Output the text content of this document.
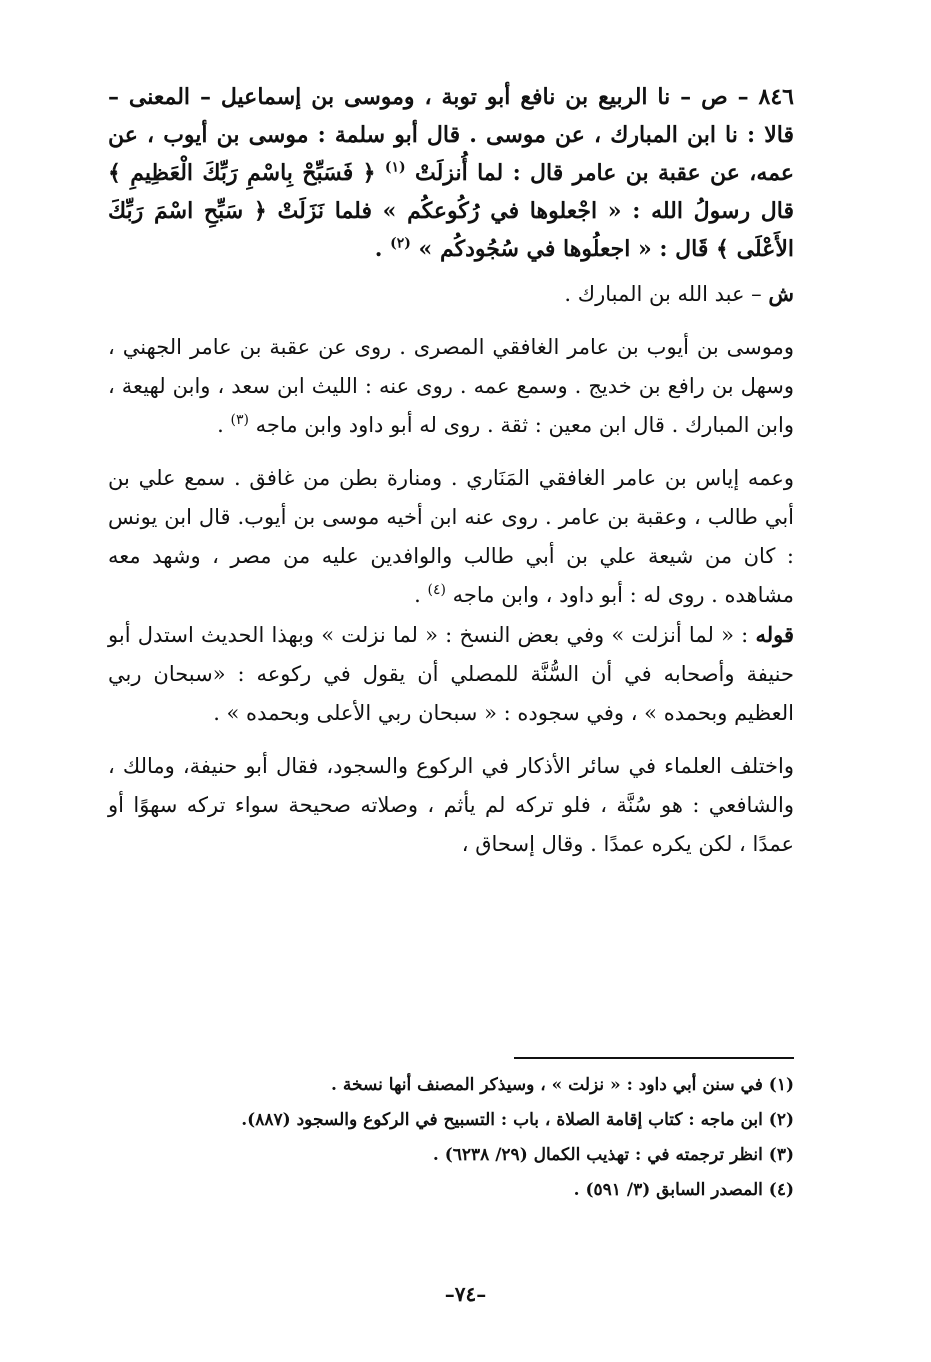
٨٤٦ – ص – نا الربيع بن نافع أبو توبة ، وموسى بن إسماعيل – المعنى – قالا : نا ابن المبارك ، عن موسى . قال أبو سلمة : موسى بن أيوب ، عن عمه، عن عقبة بن عامر قال : لما أُنزلَتْ $^{(١)}$ ﴿ فَسَبِّحْ بِاسْمِ رَبِّكَ الْعَظِيمِ ﴾ قال رسولُ الله : « اجْعلوها في رُكُوعكُم » فلما نَزَلَتْ ﴿ سَبِّحِ اسْمَ رَبِّكَ الأَعْلَى ﴾ قَال : « اجعلُوها في سُجُودكُم » $^{(٢)}$ .

ش – عبد الله بن المبارك .

وموسى بن أيوب بن عامر الغافقي المصرى . روى عن عقبة بن عامر الجهني ، وسهل بن رافع بن خديج . وسمع عمه . روى عنه : الليث ابن سعد ، وابن لهيعة ، وابن المبارك . قال ابن معين : ثقة . روى له أبو داود وابن ماجه $^{(٣)}$ .

وعمه إياس بن عامر الغافقي المَنَاري . ومنارة بطن من غافق . سمع علي بن أبي طالب ، وعقبة بن عامر . روى عنه ابن أخيه موسى بن أيوب. قال ابن يونس : كان من شيعة علي بن أبي طالب والوافدين عليه من مصر ، وشهد معه مشاهده . روى له : أبو داود ، وابن ماجه $^{(٤)}$ .

قوله : « لما أنزلت » وفي بعض النسخ : « لما نزلت » وبهذا الحديث استدل أبو حنيفة وأصحابه في أن السُّنَّة للمصلي أن يقول في ركوعه : «سبحان ربي العظيم وبحمده » ، وفي سجوده : « سبحان ربي الأعلى وبحمده » .

واختلف العلماء في سائر الأذكار في الركوع والسجود، فقال أبو حنيفة، ومالك ، والشافعي : هو سُنَّة ، فلو تركه لم يأثم ، وصلاته صحيحة سواء تركه سهوًا أو عمدًا ، لكن يكره عمدًا . وقال إسحاق ،

(١) في سنن أبي داود : « نزلت » ، وسيذكر المصنف أنها نسخة .

(٢) ابن ماجه : كتاب إقامة الصلاة ، باب : التسبيح في الركوع والسجود (٨٨٧).

(٣) انظر ترجمته في : تهذيب الكمال (٢٩/ ٦٢٣٨) .

(٤) المصدر السابق (٣/ ٥٩١) .

–٧٤–
